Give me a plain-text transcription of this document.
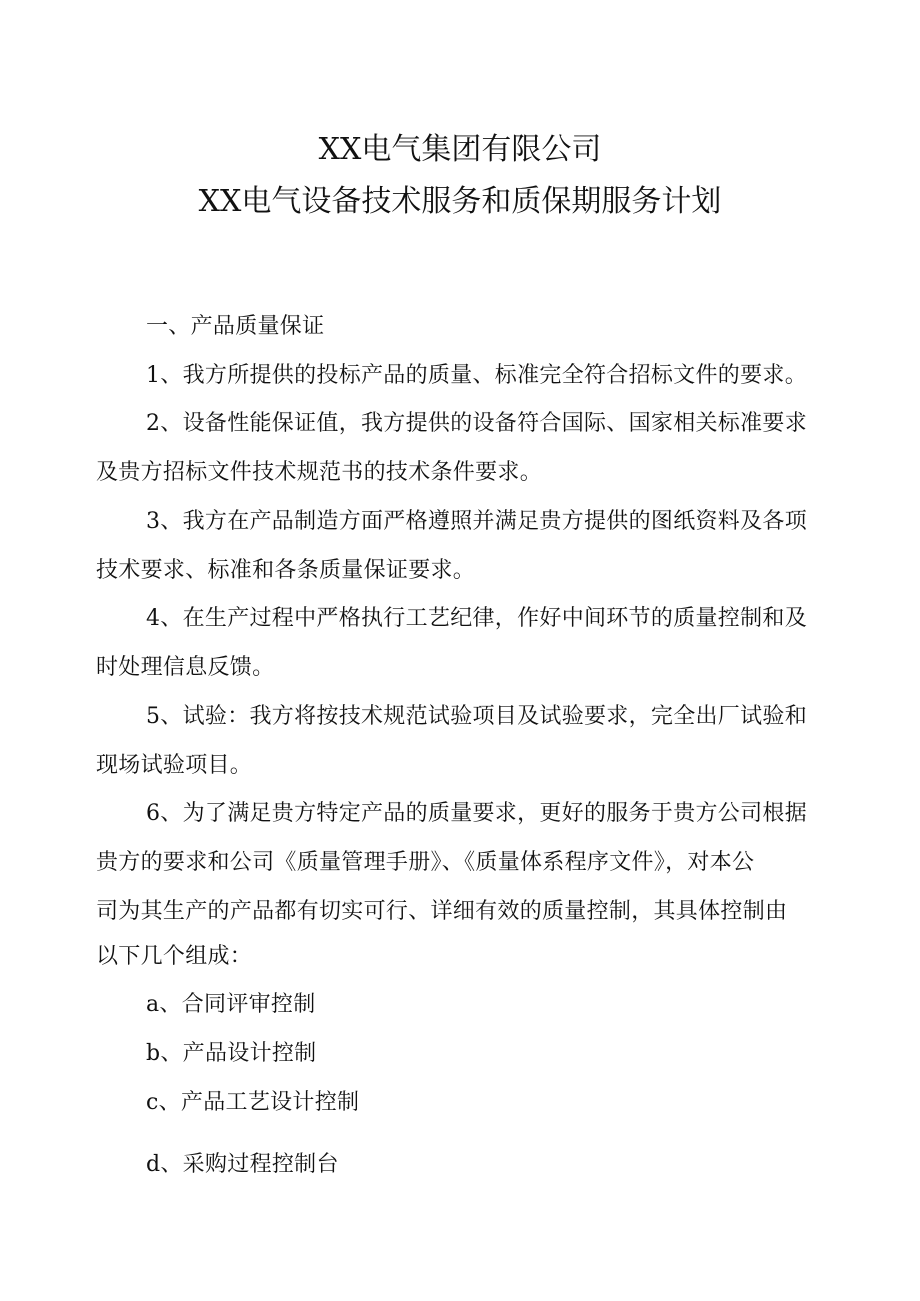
XX电气集团有限公司
XX电气设备技术服务和质保期服务计划
一、产品质量保证
1、我方所提供的投标产品的质量、标准完全符合招标文件的要求。
2、设备性能保证值，我方提供的设备符合国际、国家相关标准要求
及贵方招标文件技术规范书的技术条件要求。
3、我方在产品制造方面严格遵照并满足贵方提供的图纸资料及各项
技术要求、标准和各条质量保证要求。
4、在生产过程中严格执行工艺纪律，作好中间环节的质量控制和及
时处理信息反馈。
5、试验：我方将按技术规范试验项目及试验要求，完全出厂试验和
现场试验项目。
6、为了满足贵方特定产品的质量要求，更好的服务于贵方公司根据
贵方的要求和公司《质量管理手册》、《质量体系程序文件》，对本公
司为其生产的产品都有切实可行、详细有效的质量控制，其具体控制由
以下几个组成：
a、合同评审控制
b、产品设计控制
c、产品工艺设计控制
d、采购过程控制台
